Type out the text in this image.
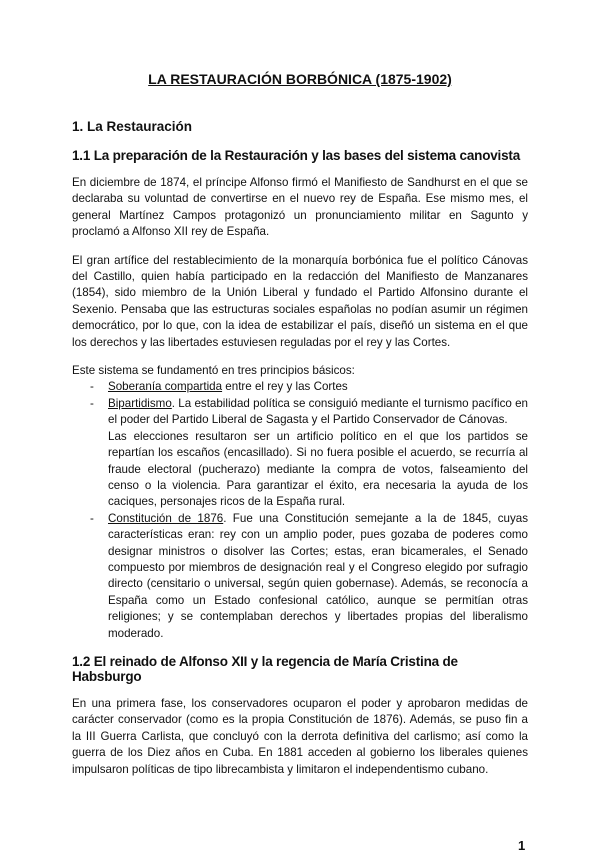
LA RESTAURACIÓN BORBÓNICA (1875-1902)
1. La Restauración
1.1 La preparación de la Restauración y las bases del sistema canovista

En diciembre de 1874, el príncipe Alfonso firmó el Manifiesto de Sandhurst en el que se declaraba su voluntad de convertirse en el nuevo rey de España. Ese mismo mes, el general Martínez Campos protagonizó un pronunciamiento militar en Sagunto y proclamó a Alfonso XII rey de España.

El gran artífice del restablecimiento de la monarquía borbónica fue el político Cánovas del Castillo, quien había participado en la redacción del Manifiesto de Manzanares (1854), sido miembro de la Unión Liberal y fundado el Partido Alfonsino durante el Sexenio. Pensaba que las estructuras sociales españolas no podían asumir un régimen democrático, por lo que, con la idea de estabilizar el país, diseñó un sistema en el que los derechos y las libertades estuviesen reguladas por el rey y las Cortes.

Este sistema se fundamentó en tres principios básicos:

- Soberanía compartida entre el rey y las Cortes
- Bipartidismo. La estabilidad política se consiguió mediante el turnismo pacífico en el poder del Partido Liberal de Sagasta y el Partido Conservador de Cánovas.
Las elecciones resultaron ser un artificio político en el que los partidos se repartían los escaños (encasillado). Si no fuera posible el acuerdo, se recurría al fraude electoral (pucherazo) mediante la compra de votos, falseamiento del censo o la violencia. Para garantizar el éxito, era necesaria la ayuda de los caciques, personajes ricos de la España rural.
- Constitución de 1876. Fue una Constitución semejante a la de 1845, cuyas características eran: rey con un amplio poder, pues gozaba de poderes como designar ministros o disolver las Cortes; estas, eran bicamerales, el Senado compuesto por miembros de designación real y el Congreso elegido por sufragio directo (censitario o universal, según quien gobernase). Además, se reconocía a España como un Estado confesional católico, aunque se permitían otras religiones; y se contemplaban derechos y libertades propias del liberalismo moderado.
1.2 El reinado de Alfonso XII y la regencia de María Cristina de Habsburgo

En una primera fase, los conservadores ocuparon el poder y aprobaron medidas de carácter conservador (como es la propia Constitución de 1876). Además, se puso fin a la III Guerra Carlista, que concluyó con la derrota definitiva del carlismo; así como la guerra de los Diez años en Cuba. En 1881 acceden al gobierno los liberales quienes impulsaron políticas de tipo librecambista y limitaron el independentismo cubano.

1
